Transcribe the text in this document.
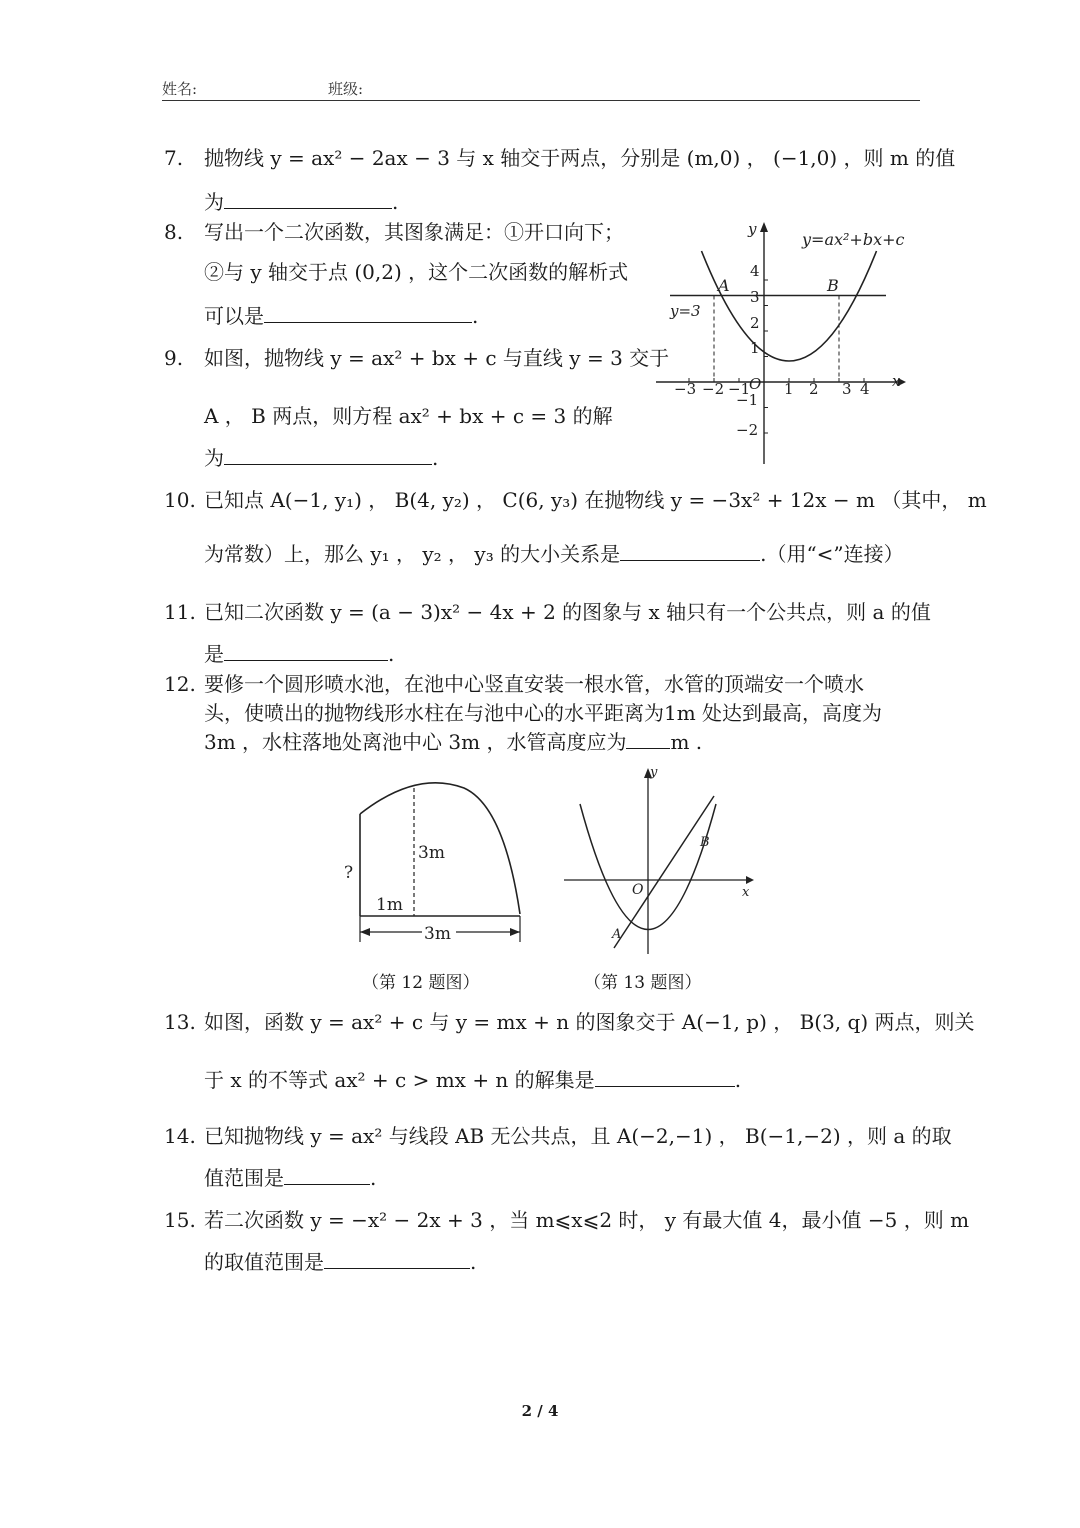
姓名:	班级:
7. 抛物线 y = ax² − 2ax − 3 与 x 轴交于两点，分别是 (m,0) ， (−1,0) ，则 m 的值
为	.
8. 写出一个二次函数，其图象满足：①开口向下；
②与 y 轴交于点 (0,2) ，这个二次函数的解析式
可以是	.
9. 如图，抛物线 y = ax² + bx + c 与直线 y = 3 交于
A ， B 两点，则方程 ax² + bx + c = 3 的解
为	.
y=ax²+bx+c
y=3
y
x
A	B
O
−3 −2 −1 1 2 3 4
4
3
2
1
−1
−2
10. 已知点 A(−1, y₁) ， B(4, y₂) ， C(6, y₃) 在抛物线 y = −3x² + 12x − m （其中， m
为常数）上，那么 y₁ ， y₂ ， y₃ 的大小关系是	.（用“<”连接）
11. 已知二次函数 y = (a − 3)x² − 4x + 2 的图象与 x 轴只有一个公共点，则 a 的值
是	.
12. 要修一个圆形喷水池，在池中心竖直安装一根水管，水管的顶端安一个喷水
头，使喷出的抛物线形水柱在与池中心的水平距离为1m 处达到最高，高度为
3m ，水柱落地处离池中心 3m ，水管高度应为 m .
3m
1m
?
3m
y
x
O
A
B
（第 12 题图）	（第 13 题图）
13. 如图，函数 y = ax² + c 与 y = mx + n 的图象交于 A(−1, p) ， B(3, q) 两点，则关
于 x 的不等式 ax² + c > mx + n 的解集是	.
14. 已知抛物线 y = ax² 与线段 AB 无公共点，且 A(−2,−1) ， B(−1,−2) ，则 a 的取
值范围是	.
15. 若二次函数 y = −x² − 2x + 3 ，当 m⩽x⩽2 时， y 有最大值 4，最小值 −5 ，则 m
的取值范围是	.
2 / 4
